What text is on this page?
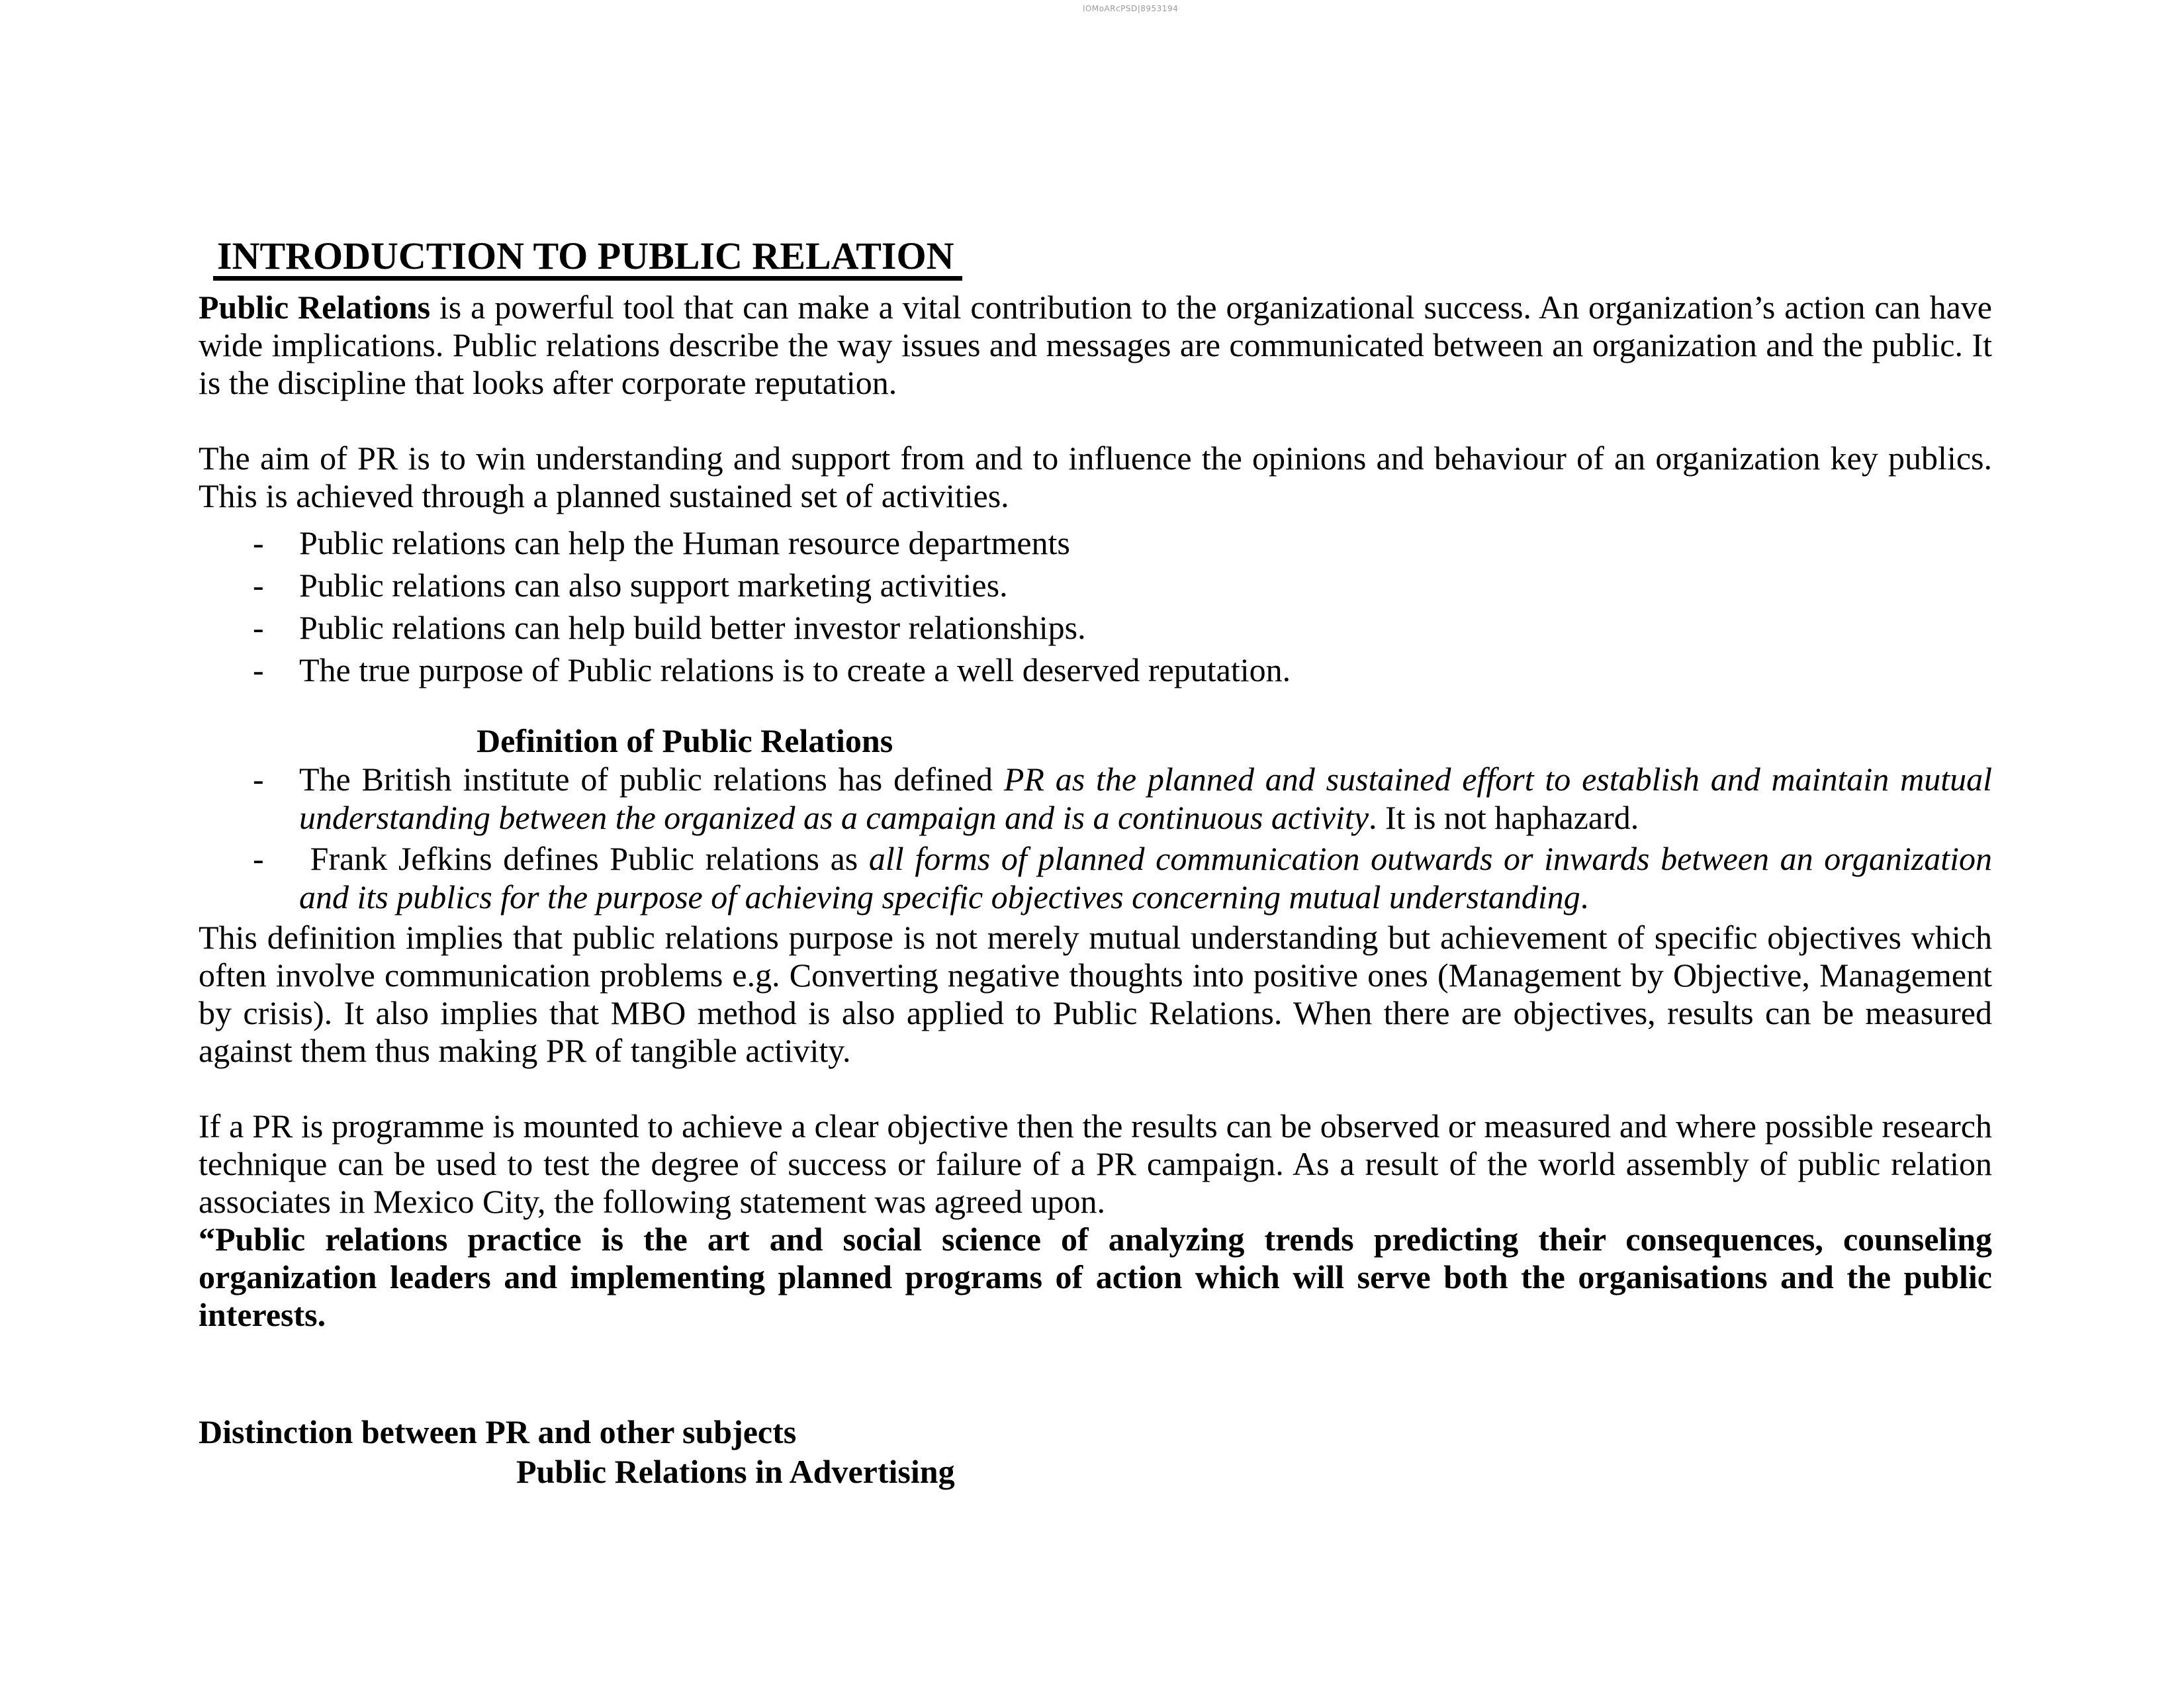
lOMoARcPSD|8953194
INTRODUCTION TO PUBLIC RELATION

Public Relations is a powerful tool that can make a vital contribution to the organizational success. An organization’s action can have wide implications. Public relations describe the way issues and messages are communicated between an organization and the public. It is the discipline that looks after corporate reputation.

The aim of PR is to win understanding and support from and to influence the opinions and behaviour of an organization key publics. This is achieved through a planned sustained set of activities.

-	Public relations can help the Human resource departments
-	Public relations can also support marketing activities.
-	Public relations can help build better investor relationships.
-	The true purpose of Public relations is to create a well deserved reputation.
Definition of Public Relations
-	The British institute of public relations has defined PR as the planned and sustained effort to establish and maintain mutual understanding between the organized as a campaign and is a continuous activity. It is not haphazard.
-	Frank Jefkins defines Public relations as all forms of planned communication outwards or inwards between an organization and its publics for the purpose of achieving specific objectives concerning mutual understanding.

This definition implies that public relations purpose is not merely mutual understanding but achievement of specific objectives which often involve communication problems e.g. Converting negative thoughts into positive ones (Management by Objective, Management by crisis). It also implies that MBO method is also applied to Public Relations. When there are objectives, results can be measured against them thus making PR of tangible activity.

If a PR is programme is mounted to achieve a clear objective then the results can be observed or measured and where possible research technique can be used to test the degree of success or failure of a PR campaign. As a result of the world assembly of public relation associates in Mexico City, the following statement was agreed upon.

“Public relations practice is the art and social science of analyzing trends predicting their consequences, counseling organization leaders and implementing planned programs of action which will serve both the organisations and the public interests.

Distinction between PR and other subjects
Public Relations in Advertising
